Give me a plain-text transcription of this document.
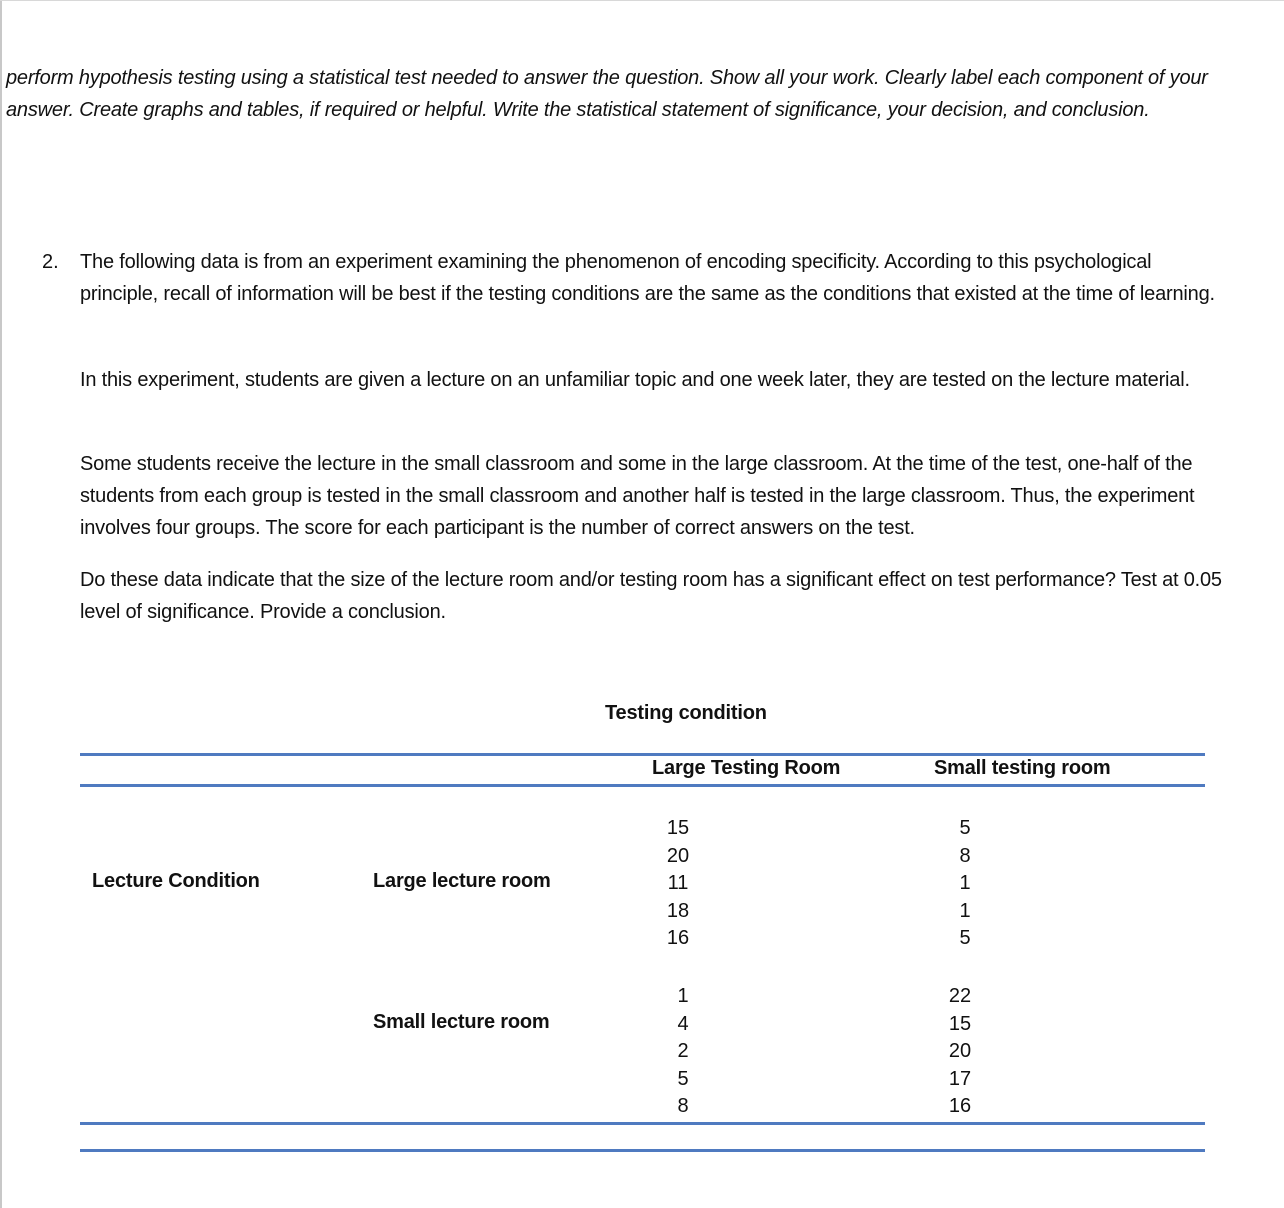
perform hypothesis testing using a statistical test needed to answer the question. Show all your work. Clearly label each component of your answer. Create graphs and tables, if required or helpful. Write the statistical statement of significance, your decision, and conclusion.
2. The following data is from an experiment examining the phenomenon of encoding specificity. According to this psychological principle, recall of information will be best if the testing conditions are the same as the conditions that existed at the time of learning.
In this experiment, students are given a lecture on an unfamiliar topic and one week later, they are tested on the lecture material.
Some students receive the lecture in the small classroom and some in the large classroom. At the time of the test, one-half of the students from each group is tested in the small classroom and another half is tested in the large classroom. Thus, the experiment involves four groups. The score for each participant is the number of correct answers on the test.
Do these data indicate that the size of the lecture room and/or testing room has a significant effect on test performance? Test at 0.05 level of significance. Provide a conclusion.
Testing condition
Large Testing Room	Small testing room
Lecture Condition	Large lecture room
Small lecture room
15
20
11
18
16
5
8
1
1
5
1
4
2
5
8
22
15
20
17
16
